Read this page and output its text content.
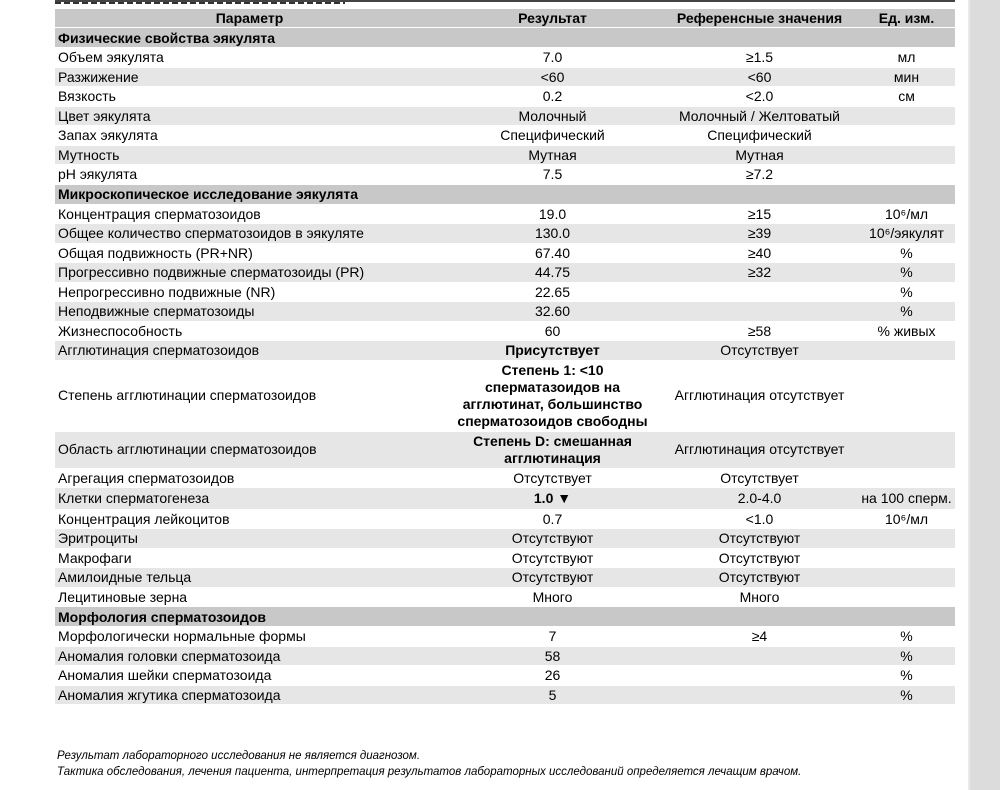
Параметр	Результат	Референсные значения	Ед. изм.
Физические свойства эякулята			
Объем эякулята	7.0	≥1.5	мл
Разжижение	<60	<60	мин
Вязкость	0.2	<2.0	см
Цвет эякулята	Молочный	Молочный / Желтоватый	
Запах эякулята	Специфический	Специфический	
Мутность	Мутная	Мутная	
pH эякулята	7.5	≥7.2	
Микроскопическое исследование эякулята			
Концентрация сперматозоидов	19.0	≥15	10⁶/мл
Общее количество сперматозоидов в эякуляте	130.0	≥39	10⁶/эякулят
Общая подвижность (PR+NR)	67.40	≥40	%
Прогрессивно подвижные сперматозоиды (PR)	44.75	≥32	%
Непрогрессивно подвижные (NR)	22.65		%
Неподвижные сперматозоиды	32.60		%
Жизнеспособность	60	≥58	% живых
Агглютинация сперматозоидов	Присутствует	Отсутствует	
Степень агглютинации сперматозоидов	Степень 1: <10 сперматазоидов на агглютинат, большинство сперматозоидов свободны	Агглютинация отсутствует	
Область агглютинации сперматозоидов	Степень D: смешанная агглютинация	Агглютинация отсутствует	
Агрегация сперматозоидов	Отсутствует	Отсутствует	
Клетки сперматогенеза	1.0 ▼	2.0-4.0	на 100 сперм.
Концентрация лейкоцитов	0.7	<1.0	10⁶/мл
Эритроциты	Отсутствуют	Отсутствуют	
Макрофаги	Отсутствуют	Отсутствуют	
Амилоидные тельца	Отсутствуют	Отсутствуют	
Лецитиновые зерна	Много	Много	
Морфология сперматозоидов			
Морфологически нормальные формы	7	≥4	%
Аномалия головки сперматозоида	58		%
Аномалия шейки сперматозоида	26		%
Аномалия жгутика сперматозоида	5		%
Результат лабораторного исследования не является диагнозом.
Тактика обследования, лечения пациента, интерпретация результатов лабораторных исследований определяется лечащим врачом.
